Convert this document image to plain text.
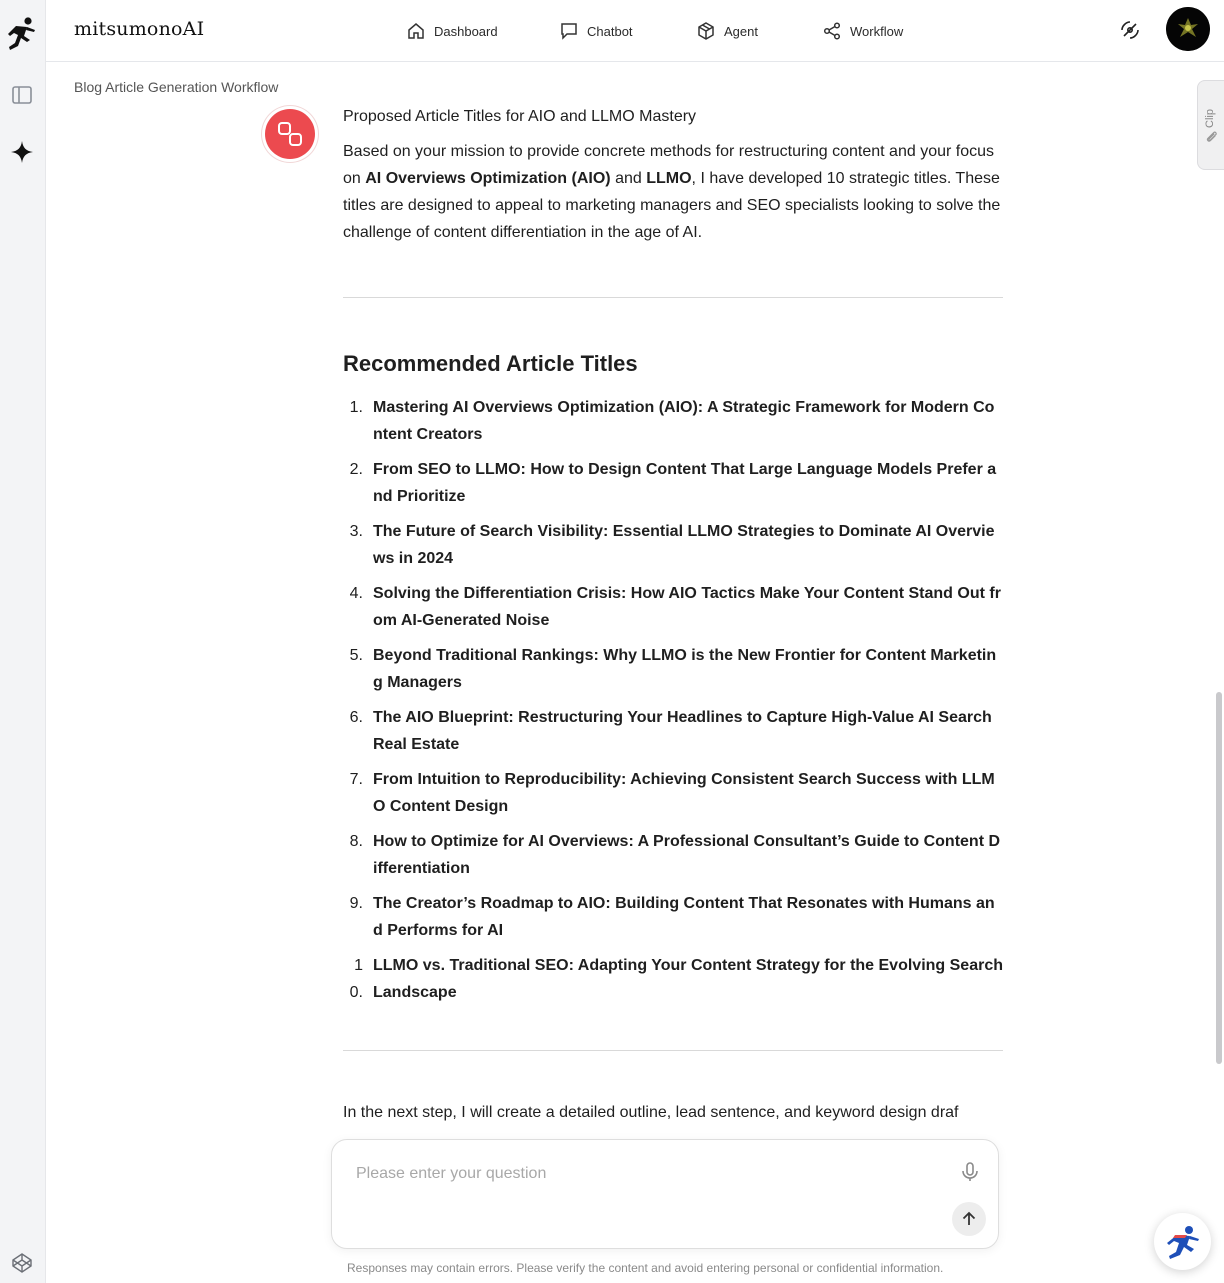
mitsumonoAI	Dashboard	Chatbot	Agent	Workflow
Blog Article Generation Workflow
Clip
Proposed Article Titles for AIO and LLMO Mastery

Based on your mission to provide concrete methods for restructuring content and your focus on AI Overviews Optimization (AIO) and LLMO, I have developed 10 strategic titles. These titles are designed to appeal to marketing managers and SEO specialists looking to solve the challenge of content differentiation in the age of AI.

Recommended Article Titles
1. Mastering AI Overviews Optimization (AIO): A Strategic Framework for Modern Content Creators
2. From SEO to LLMO: How to Design Content That Large Language Models Prefer and Prioritize
3. The Future of Search Visibility: Essential LLMO Strategies to Dominate AI Overviews in 2024
4. Solving the Differentiation Crisis: How AIO Tactics Make Your Content Stand Out from AI-Generated Noise
5. Beyond Traditional Rankings: Why LLMO is the New Frontier for Content Marketing Managers
6. The AIO Blueprint: Restructuring Your Headlines to Capture High-Value AI Search Real Estate
7. From Intuition to Reproducibility: Achieving Consistent Search Success with LLMO Content Design
8. How to Optimize for AI Overviews: A Professional Consultant’s Guide to Content Differentiation
9. The Creator’s Roadmap to AIO: Building Content That Resonates with Humans and Performs for AI
10.
LLMO vs. Traditional SEO: Adapting Your Content Strategy for the Evolving Search Landscape

In the next step, I will create a detailed outline, lead sentence, and keyword design draf

Please enter your question
Responses may contain errors. Please verify the content and avoid entering personal or confidential information.
